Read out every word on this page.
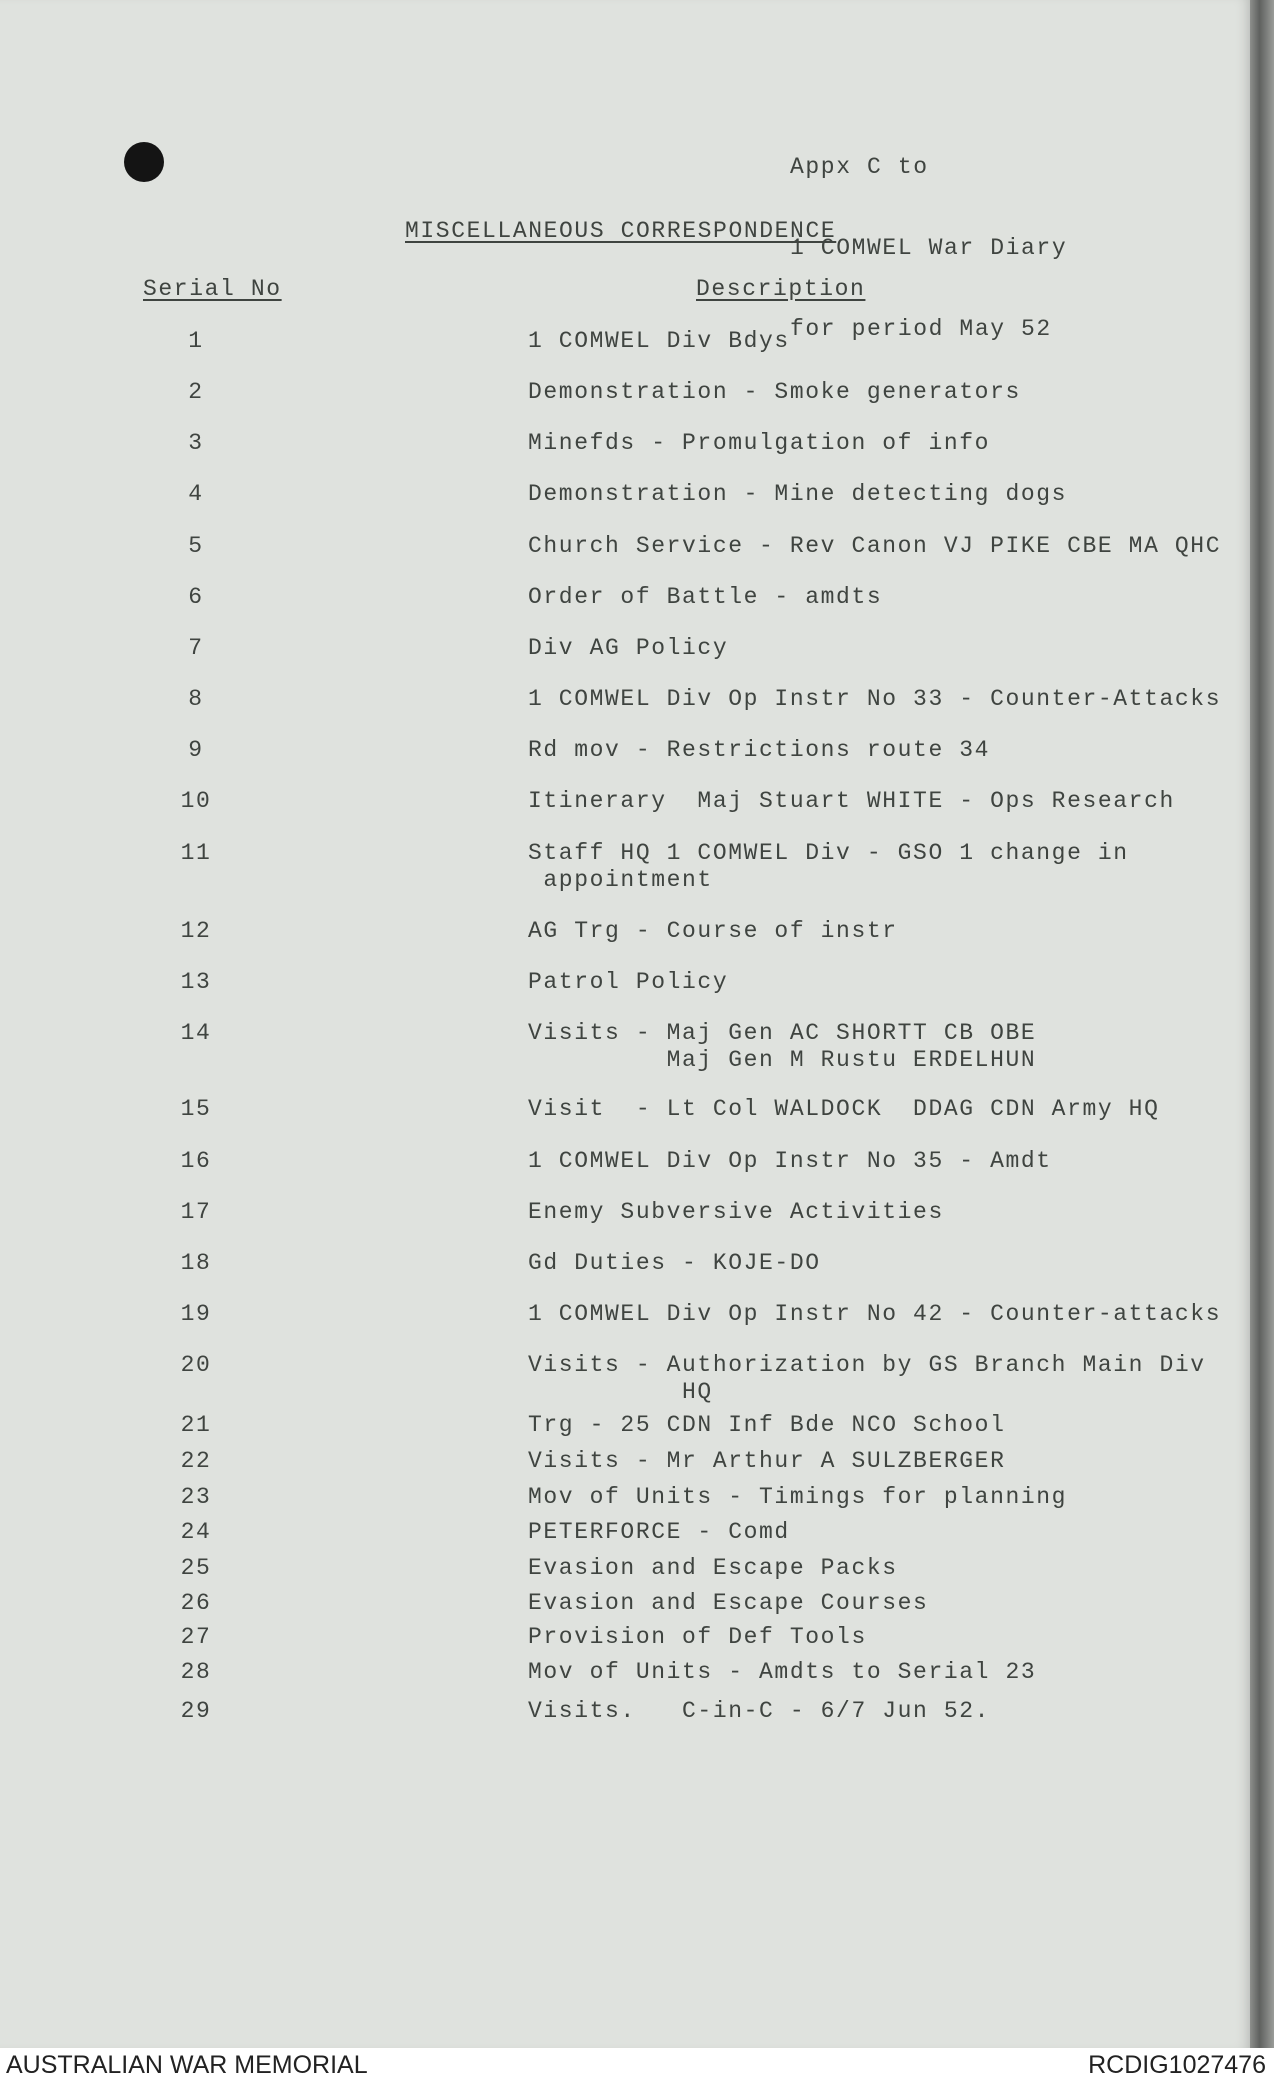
Appx C to

1 COMWEL War Diary

for period May 52

MISCELLANEOUS CORRESPONDENCE
Serial No	Description
1	1 COMWEL Div Bdys
2	Demonstration - Smoke generators
3	Minefds - Promulgation of info
4	Demonstration - Mine detecting dogs
5	Church Service - Rev Canon VJ PIKE CBE MA QHC
6	Order of Battle - amdts
7	Div AG Policy
8	1 COMWEL Div Op Instr No 33 - Counter-Attacks
9	Rd mov - Restrictions route 34
10	Itinerary  Maj Stuart WHITE - Ops Research
11	Staff HQ 1 COMWEL Div - GSO 1 change in
appointment
12	AG Trg - Course of instr
13	Patrol Policy
14	Visits - Maj Gen AC SHORTT CB OBE
Maj Gen M Rustu ERDELHUN
15	Visit  - Lt Col WALDOCK  DDAG CDN Army HQ
16	1 COMWEL Div Op Instr No 35 - Amdt
17	Enemy Subversive Activities
18	Gd Duties - KOJE-DO
19	1 COMWEL Div Op Instr No 42 - Counter-attacks
20	Visits - Authorization by GS Branch Main Div
HQ
21	Trg - 25 CDN Inf Bde NCO School
22	Visits - Mr Arthur A SULZBERGER
23	Mov of Units - Timings for planning
24	PETERFORCE - Comd
25	Evasion and Escape Packs
26	Evasion and Escape Courses
27	Provision of Def Tools
28	Mov of Units - Amdts to Serial 23
29	Visits.   C-in-C - 6/7 Jun 52.
AUSTRALIAN WAR MEMORIAL	RCDIG1027476
